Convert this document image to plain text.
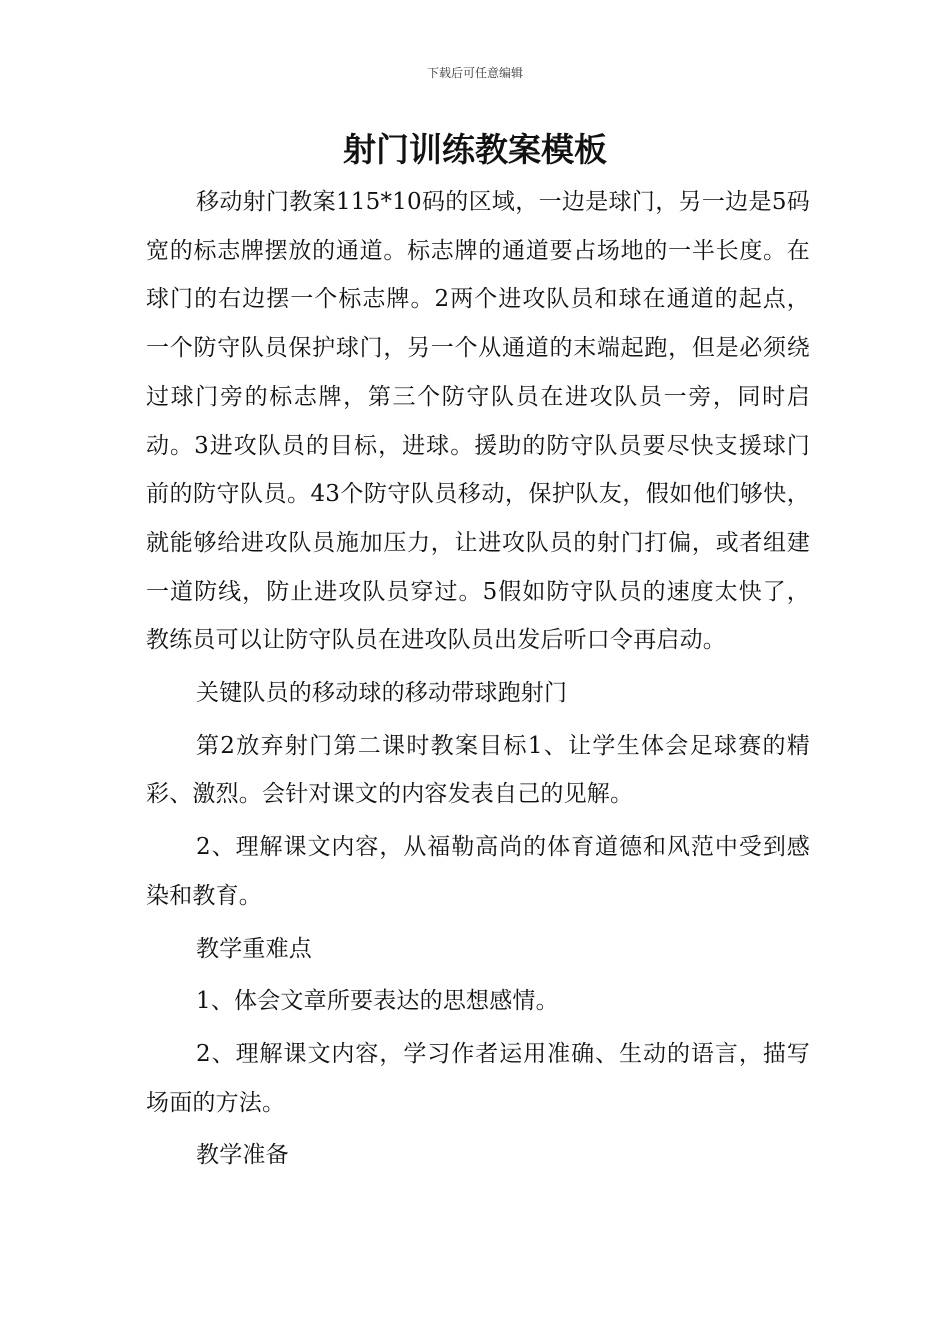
下载后可任意编辑
射门训练教案模板

移动射门教案115*10码的区域，一边是球门，另一边是5码宽的标志牌摆放的通道。标志牌的通道要占场地的一半长度。在球门的右边摆一个标志牌。2两个进攻队员和球在通道的起点，一个防守队员保护球门，另一个从通道的末端起跑，但是必须绕过球门旁的标志牌，第三个防守队员在进攻队员一旁，同时启动。3进攻队员的目标，进球。援助的防守队员要尽快支援球门前的防守队员。43个防守队员移动，保护队友，假如他们够快，就能够给进攻队员施加压力，让进攻队员的射门打偏，或者组建一道防线，防止进攻队员穿过。5假如防守队员的速度太快了，教练员可以让防守队员在进攻队员出发后听口令再启动。

关键队员的移动球的移动带球跑射门

第2放弃射门第二课时教案目标1、让学生体会足球赛的精彩、激烈。会针对课文的内容发表自己的见解。

2、理解课文内容，从福勒高尚的体育道德和风范中受到感染和教育。

教学重难点

1、体会文章所要表达的思想感情。

2、理解课文内容，学习作者运用准确、生动的语言，描写场面的方法。

教学准备
